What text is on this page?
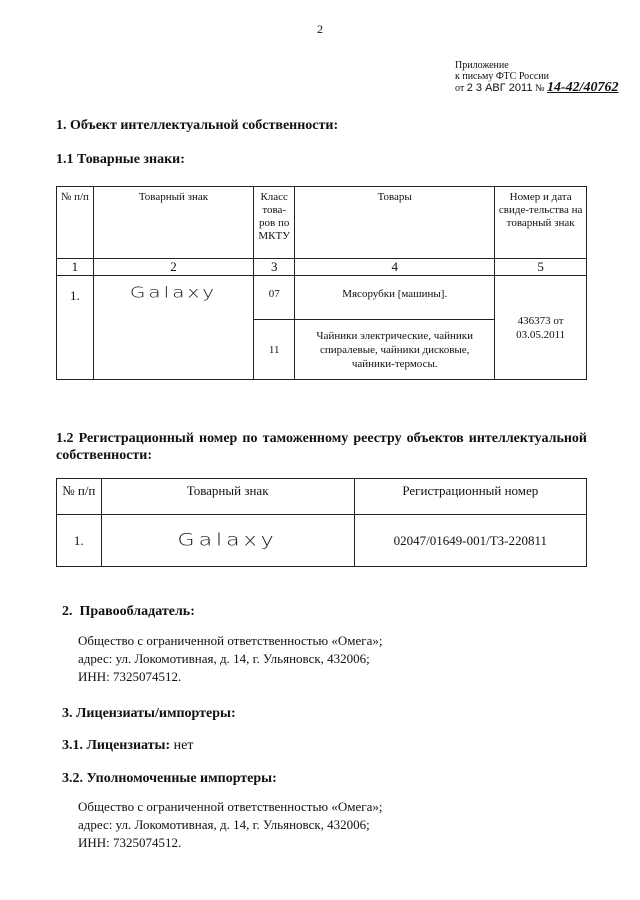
2
Приложение
к письму ФТС России
от 2 3 АВГ 2011 № 14-42/40762
1. Объект интеллектуальной собственности:
1.1 Товарные знаки:
№ п/п	Товарный знак	Класс това-ров по МКТУ	Товары	Номер и дата свиде-тельства на товарный знак
1	2	3	4	5
1.	Galaxy	07	Мясорубки [машины].	436373 от 03.05.2011
		11	Чайники электрические, чайники спиралевые, чайники дисковые, чайники-термосы.	
1.2 Регистрационный номер по таможенному реестру объектов интеллектуальной собственности:
№ п/п	Товарный знак	Регистрационный номер
1.	Galaxy	02047/01649-001/ТЗ-220811
2. Правообладатель:
Общество с ограниченной ответственностью «Омега»;
адрес: ул. Локомотивная, д. 14, г. Ульяновск, 432006;
ИНН: 7325074512.
3. Лицензиаты/импортеры:
3.1. Лицензиаты: нет
3.2. Уполномоченные импортеры:
Общество с ограниченной ответственностью «Омега»;
адрес: ул. Локомотивная, д. 14, г. Ульяновск, 432006;
ИНН: 7325074512.
